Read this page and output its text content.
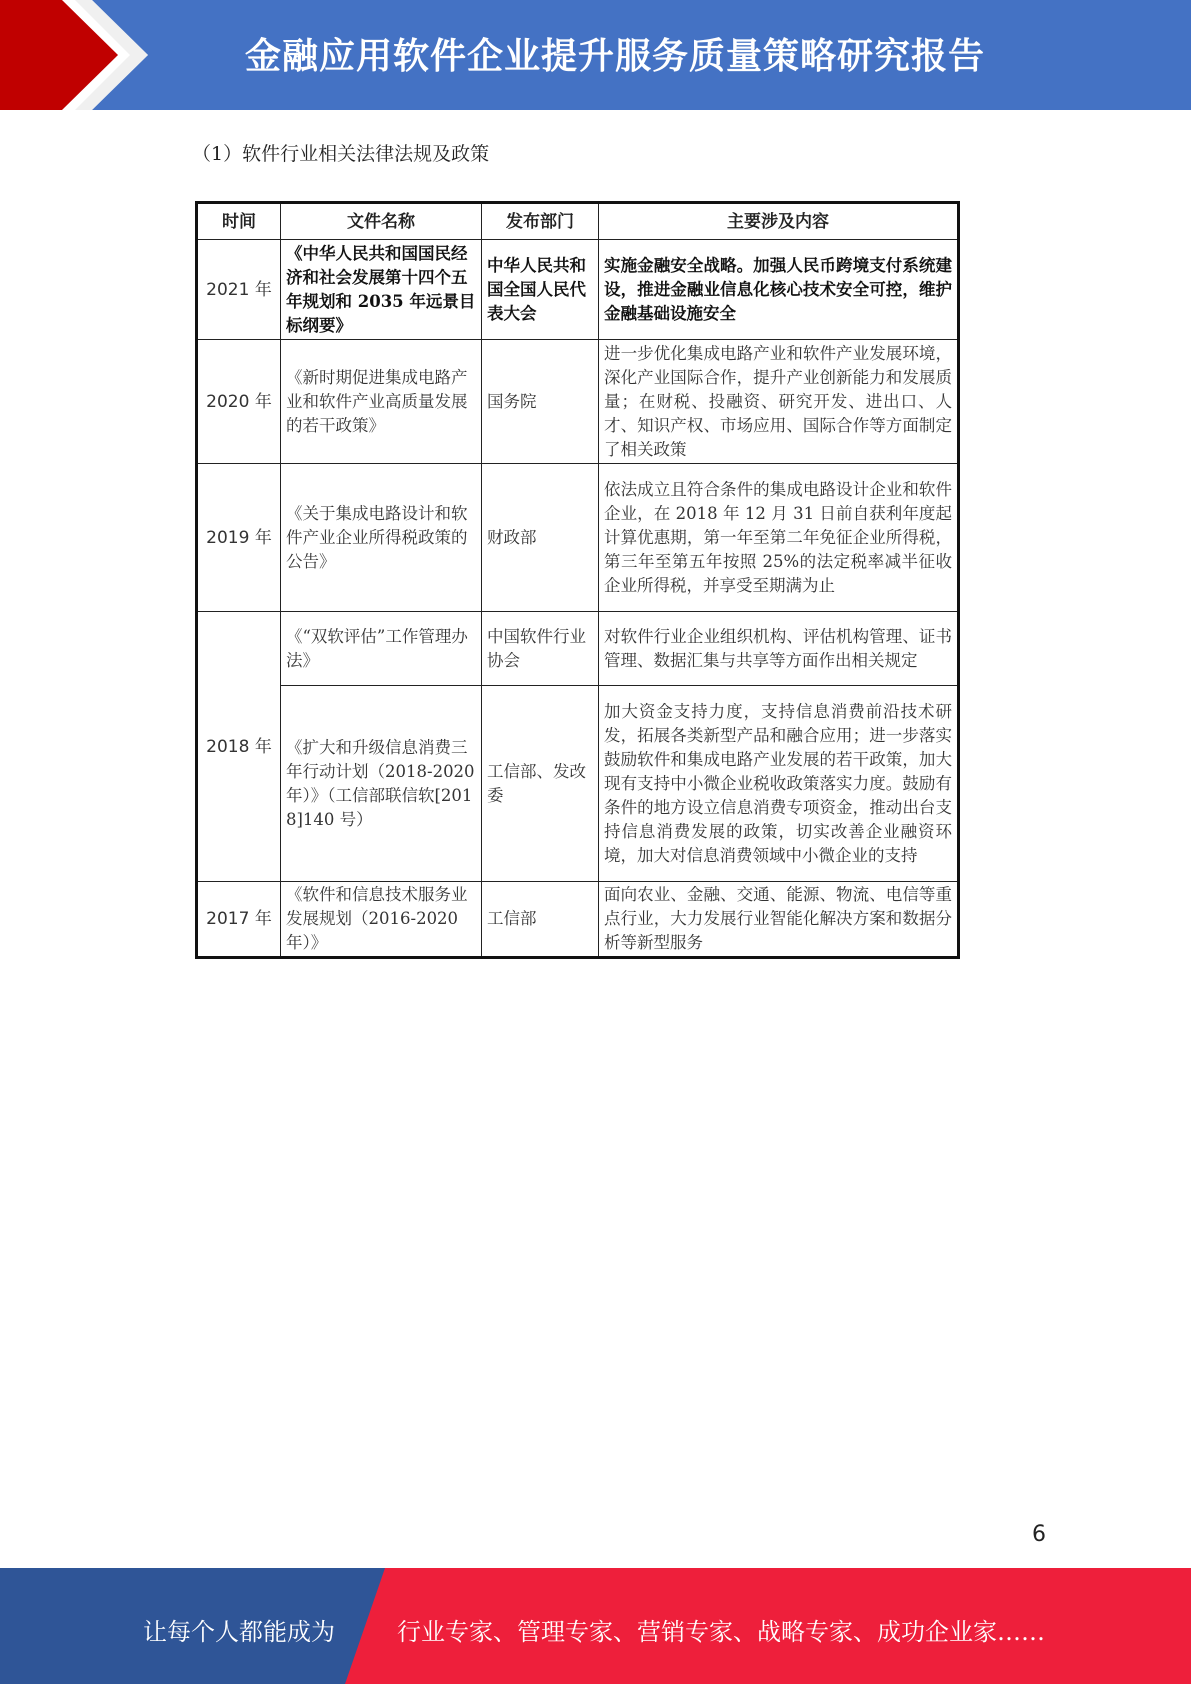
金融应用软件企业提升服务质量策略研究报告
（1）软件行业相关法律法规及政策
时间	文件名称	发布部门	主要涉及内容
2021 年	《中华人民共和国国民经济和社会发展第十四个五年规划和 2035 年远景目标纲要》	中华人民共和国全国人民代表大会	实施金融安全战略。加强人民币跨境支付系统建设，推进金融业信息化核心技术安全可控，维护金融基础设施安全
2020 年	《新时期促进集成电路产业和软件产业高质量发展的若干政策》	国务院	进一步优化集成电路产业和软件产业发展环境，深化产业国际合作，提升产业创新能力和发展质量；在财税、投融资、研究开发、进出口、人才、知识产权、市场应用、国际合作等方面制定了相关政策
2019 年	《关于集成电路设计和软件产业企业所得税政策的公告》	财政部	依法成立且符合条件的集成电路设计企业和软件企业，在 2018 年 12 月 31 日前自获利年度起计算优惠期，第一年至第二年免征企业所得税，第三年至第五年按照 25%的法定税率减半征收企业所得税，并享受至期满为止
2018 年	《“双软评估”工作管理办法》	中国软件行业协会	对软件行业企业组织机构、评估机构管理、证书管理、数据汇集与共享等方面作出相关规定
	《扩大和升级信息消费三年行动计划（2018-2020 年）》（工信部联信软[2018]140 号）	工信部、发改委	加大资金支持力度，支持信息消费前沿技术研发，拓展各类新型产品和融合应用；进一步落实鼓励软件和集成电路产业发展的若干政策，加大现有支持中小微企业税收政策落实力度。鼓励有条件的地方设立信息消费专项资金，推动出台支持信息消费发展的政策，切实改善企业融资环境，加大对信息消费领域中小微企业的支持
2017 年	《软件和信息技术服务业发展规划（2016-2020 年）》	工信部	面向农业、金融、交通、能源、物流、电信等重点行业，大力发展行业智能化解决方案和数据分析等新型服务
6
让每个人都能成为	行业专家、管理专家、营销专家、战略专家、成功企业家……
